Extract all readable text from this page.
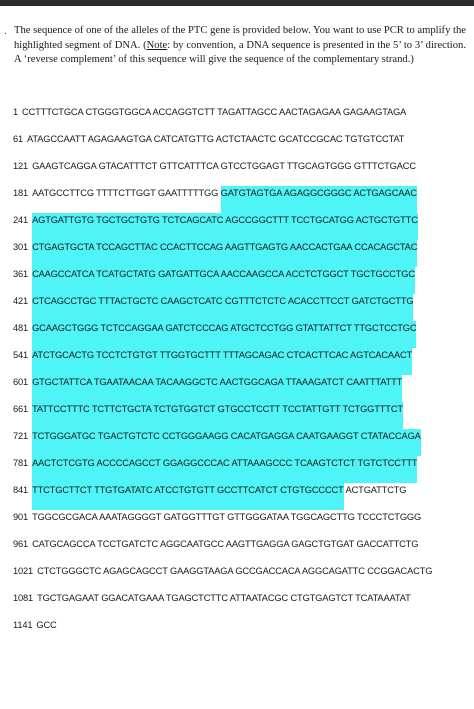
. The sequence of one of the alleles of the PTC gene is provided below. You want to use PCR to amplify the highlighted segment of DNA. (Note: by convention, a DNA sequence is presented in the 5’ to 3’ direction. A ‘reverse complement’ of this sequence will give the sequence of the complementary strand.)

1 CCTTTCTGCA CTGGGTGGCA ACCAGGTCTT TAGATTAGCC AACTAGAGAA GAGAAGTAGA
61 ATAGCCAATT AGAGAAGTGA CATCATGTTG ACTCTAACTC GCATCCGCAC TGTGTCCTAT
121 GAAGTCAGGA GTACATTTCT GTTCATTTCA GTCCTGGAGT TTGCAGTGGG GTTTCTGACC
181 AATGCCTTCG TTTTCTTGGT GAATTTTTGG GATGTAGTGA AGAGGCGGGC ACTGAGCAAC
241 AGTGATTGTG TGCTGCTGTG TCTCAGCATC AGCCGGCTTT TCCTGCATGG ACTGCTGTTC
301 CTGAGTGCTA TCCAGCTTAC CCACTTCCAG AAGTTGAGTG AACCACTGAA CCACAGCTAC
361 CAAGCCATCA TCATGCTATG GATGATTGCA AACCAAGCCA ACCTCTGGCT TGCTGCCTGC
421 CTCAGCCTGC TTTACTGCTC CAAGCTCATC CGTTTCTCTC ACACCTTCCT GATCTGCTTG
481 GCAAGCTGGG TCTCCAGGAA GATCTCCCAG ATGCTCCTGG GTATTATTCT TTGCTCCTGC
541 ATCTGCACTG TCCTCTGTGT TTGGTGCTTT TTTAGCAGAC CTCACTTCAC AGTCACAACT
601 GTGCTATTCA TGAATAACAA TACAAGGCTC AACTGGCAGA TTAAAGATCT CAATTTATTT
661 TATTCCTTTC TCTTCTGCTA TCTGTGGTCT GTGCCTCCTT TCCTATTGTT TCTGGTTTCT
721 TCTGGGATGC TGACTGTCTC CCTGGGAAGG CACATGAGGA CAATGAAGGT CTATACCAGA
781 AACTCTCGTG ACCCCAGCCT GGAGGCCCAC ATTAAAGCCC TCAAGTCTCT TGTCTCCTTT
841 TTCTGCTTCT TTGTGATATC ATCCTGTGTT GCCTTCATCT CTGTGCCCCT ACTGATTCTG
901 TGGCGCGACA AAATAGGGGT GATGGTTTGT GTTGGGATAA TGGCAGCTTG TCCCTCTGGG
961 CATGCAGCCA TCCTGATCTC AGGCAATGCC AAGTTGAGGA GAGCTGTGAT GACCATTCTG
1021 CTCTGGGCTC AGAGCAGCCT GAAGGTAAGA GCCGACCACA AGGCAGATTC CCGGACACTG
1081 TGCTGAGAAT GGACATGAAA TGAGCTCTTC ATTAATACGC CTGTGAGTCT TCATAAATAT
1141 GCC
